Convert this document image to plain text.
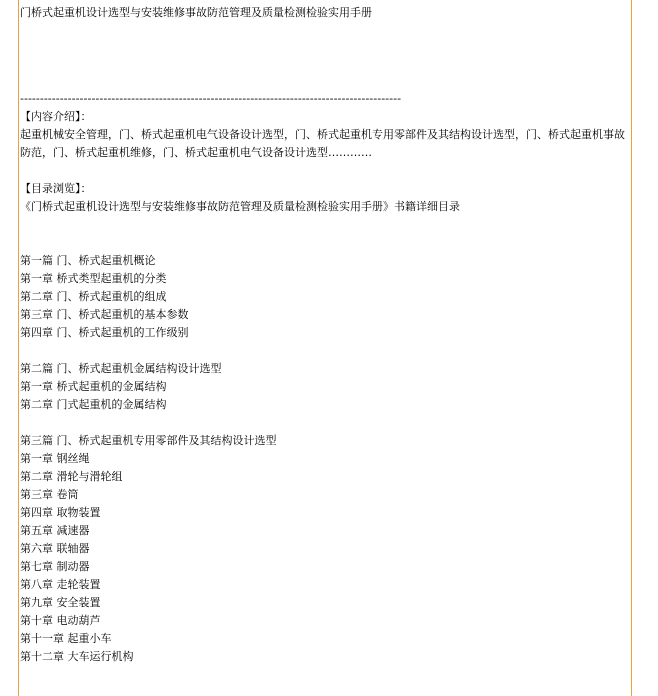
门桥式起重机设计选型与安装维修事故防范管理及质量检测检验实用手册
------------------------------------------------------------------------------------------------
【内容介绍】：
起重机械安全管理，门、桥式起重机电气设备设计选型，门、桥式起重机专用零部件及其结构设计选型，门、桥式起重机事故防范，门、桥式起重机维修，门、桥式起重机电气设备设计选型…………
【目录浏览】：
《门桥式起重机设计选型与安装维修事故防范管理及质量检测检验实用手册》书籍详细目录
第一篇 门、桥式起重机概论
第一章 桥式类型起重机的分类
第二章 门、桥式起重机的组成
第三章 门、桥式起重机的基本参数
第四章 门、桥式起重机的工作级别
第二篇 门、桥式起重机金属结构设计选型
第一章 桥式起重机的金属结构
第二章 门式起重机的金属结构
第三篇 门、桥式起重机专用零部件及其结构设计选型
第一章 钢丝绳
第二章 滑轮与滑轮组
第三章 卷筒
第四章 取物装置
第五章 减速器
第六章 联轴器
第七章 制动器
第八章 走轮装置
第九章 安全装置
第十章 电动葫芦
第十一章 起重小车
第十二章 大车运行机构
